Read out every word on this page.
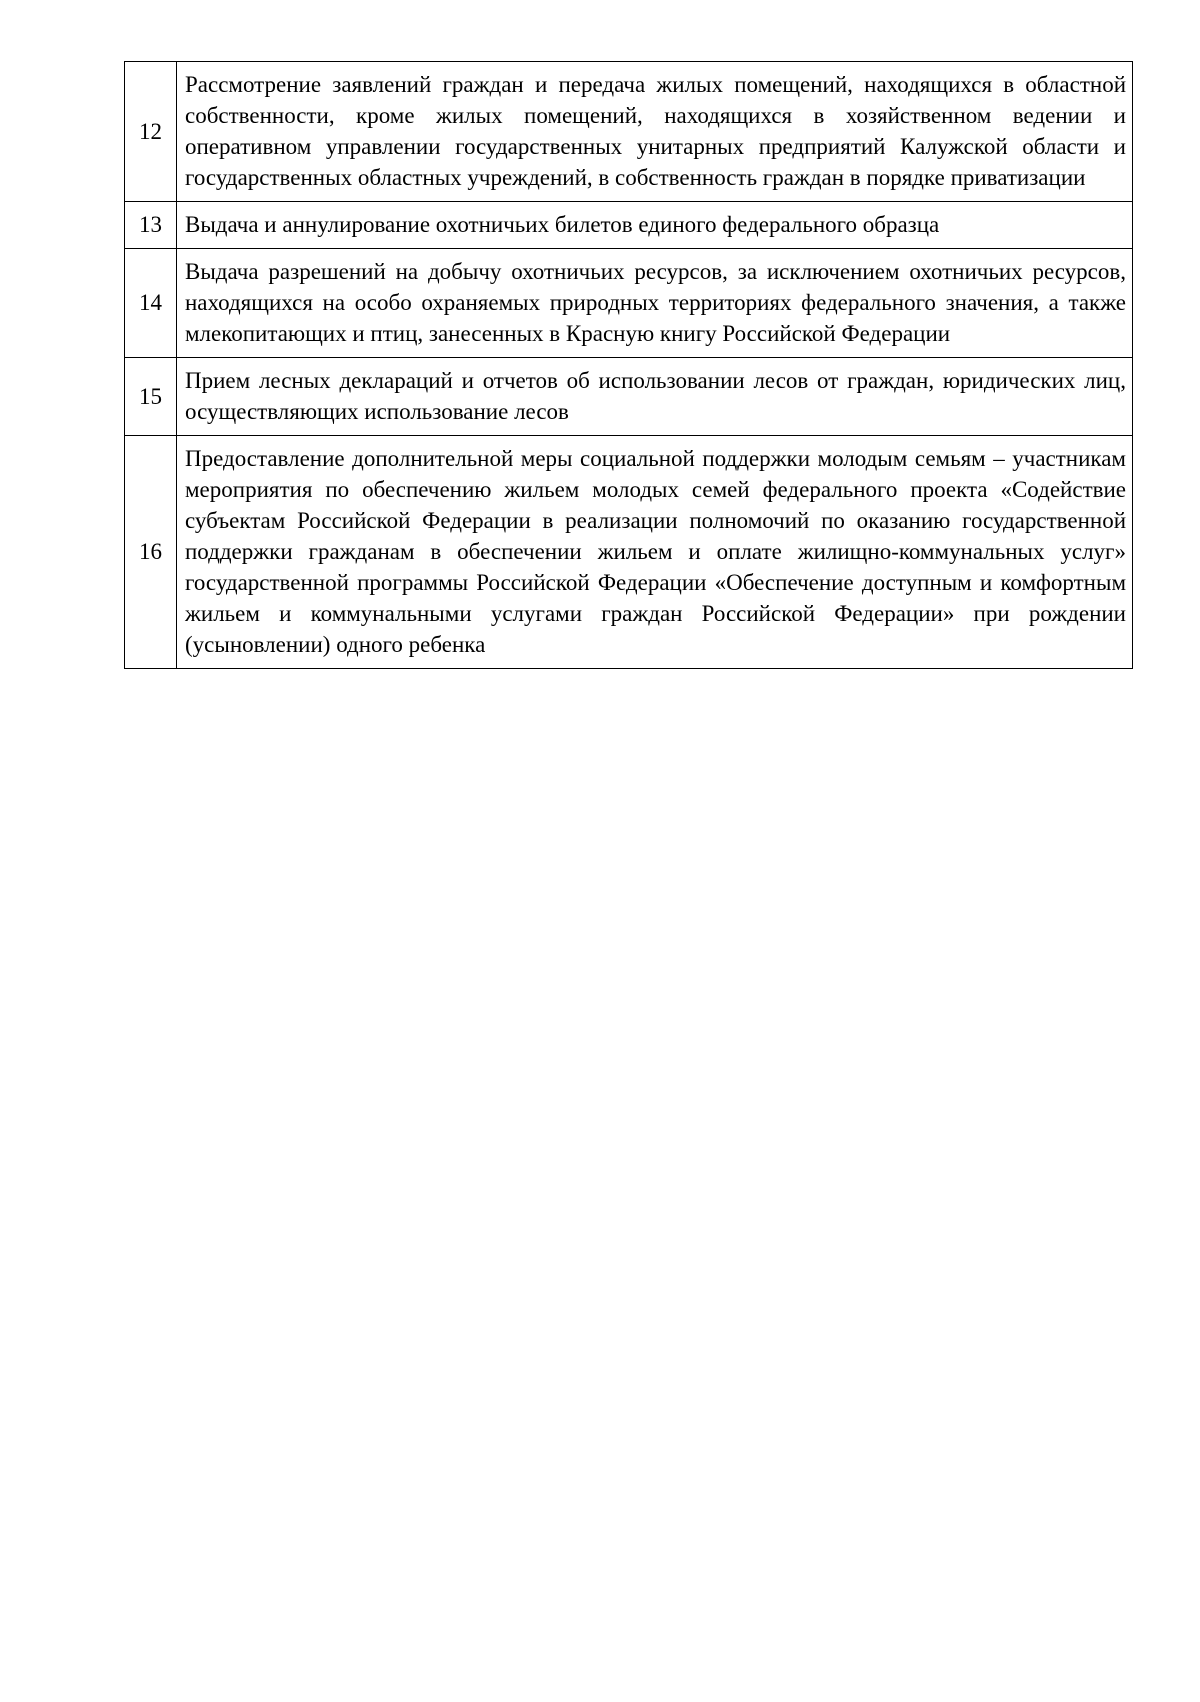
12	Рассмотрение заявлений граждан и передача жилых помещений, находящихся в областной собственности, кроме жилых помещений, находящихся в хозяйственном ведении и оперативном управлении государственных унитарных предприятий Калужской области и государственных областных учреждений, в собственность граждан в порядке приватизации
13	Выдача и аннулирование охотничьих билетов единого федерального образца
14	Выдача разрешений на добычу охотничьих ресурсов, за исключением охотничьих ресурсов, находящихся на особо охраняемых природных территориях федерального значения, а также млекопитающих и птиц, занесенных в Красную книгу Российской Федерации
15	Прием лесных деклараций и отчетов об использовании лесов от граждан, юридических лиц, осуществляющих использование лесов
16	Предоставление дополнительной меры социальной поддержки молодым семьям – участникам мероприятия по обеспечению жильем молодых семей федерального проекта «Содействие субъектам Российской Федерации в реализации полномочий по оказанию государственной поддержки гражданам в обеспечении жильем и оплате жилищно-коммунальных услуг» государственной программы Российской Федерации «Обеспечение доступным и комфортным жильем и коммунальными услугами граждан Российской Федерации» при рождении (усыновлении) одного ребенка
